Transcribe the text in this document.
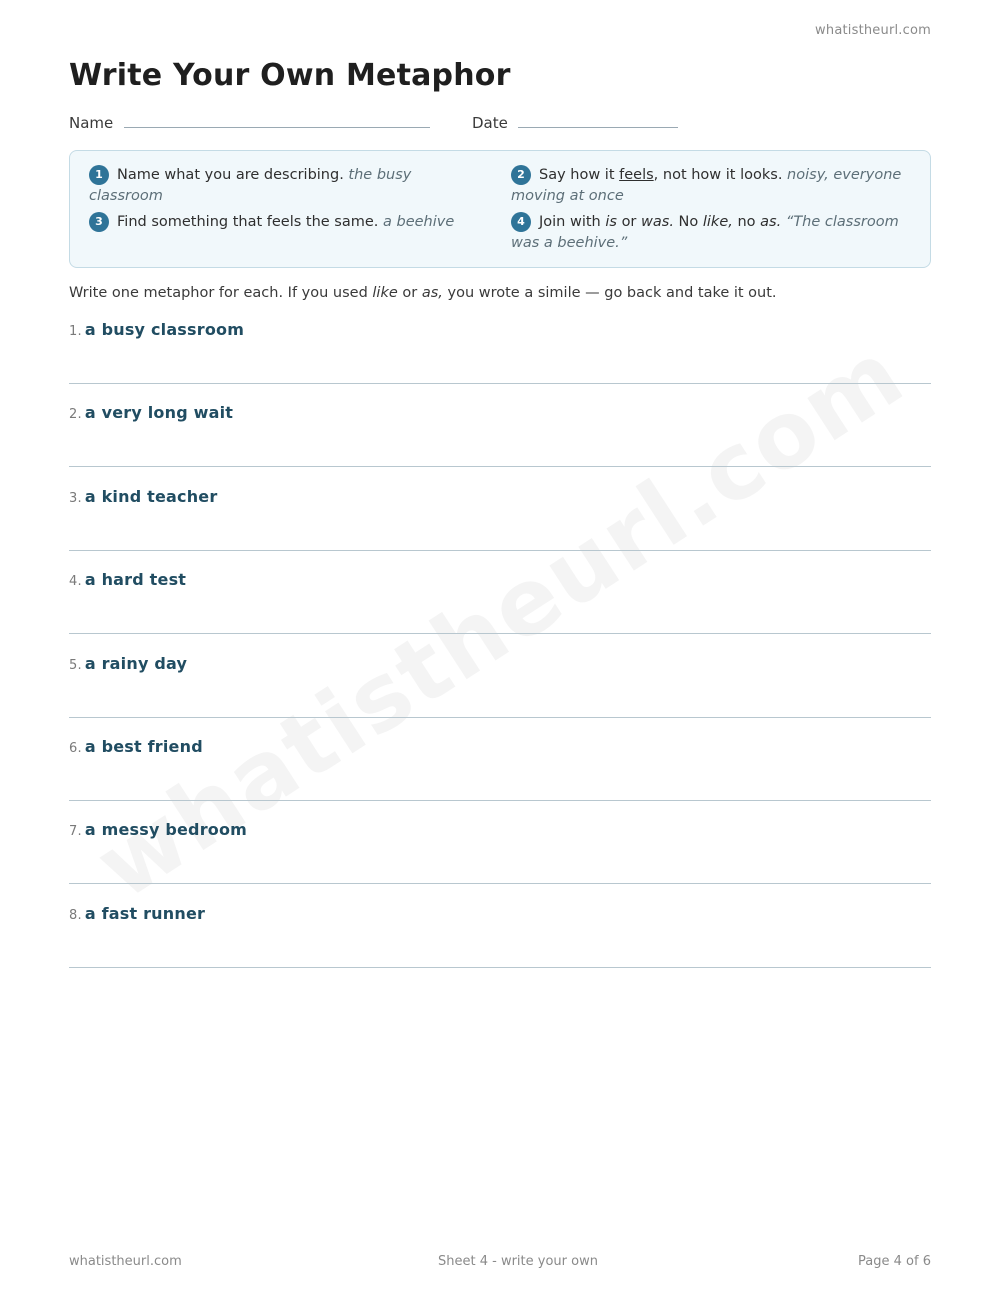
whatistheurl.com
Write Your Own Metaphor
Name	Date
1 Name what you are describing. the busy classroom
2 Say how it feels, not how it looks. noisy, everyone moving at once
3 Find something that feels the same. a beehive	4 Join with is or was. No like, no as. “The classroom was a beehive.”

Write one metaphor for each. If you used like or as, you wrote a simile — go back and take it out.

1. a busy classroom
2. a very long wait
3. a kind teacher
4. a hard test
5. a rainy day
6. a best friend
7. a messy bedroom
8. a fast runner
whatistheurl.com	Sheet 4 - write your own	Page 4 of 6
